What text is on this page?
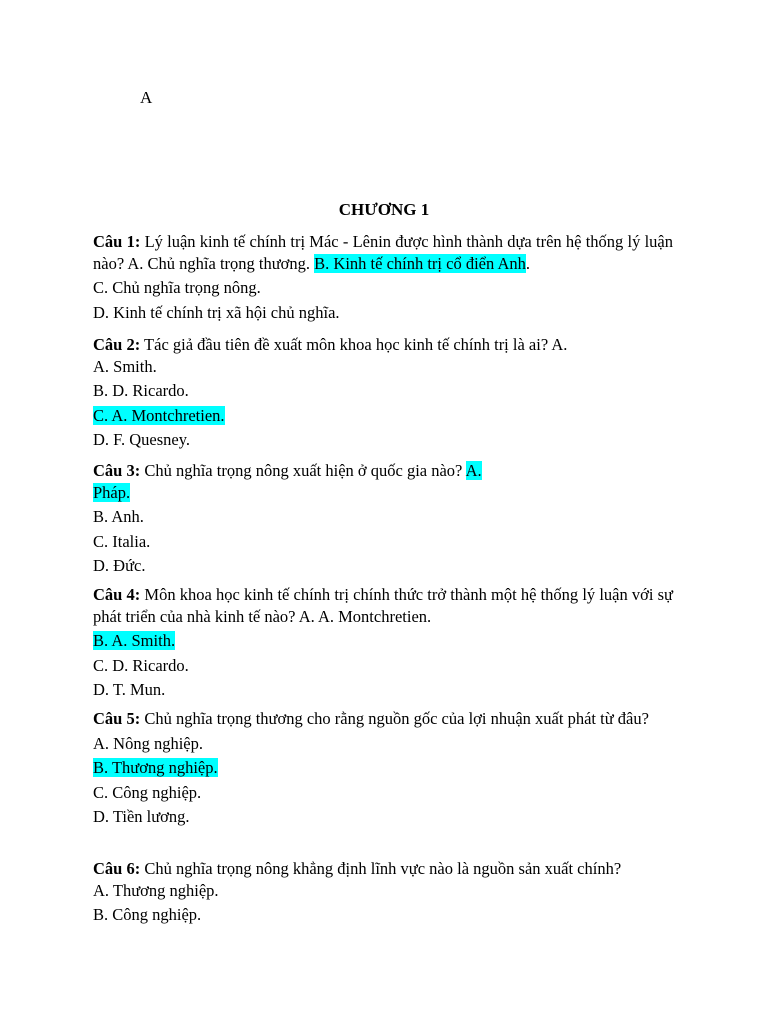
A
CHƯƠNG 1

Câu 1: Lý luận kinh tế chính trị Mác - Lênin được hình thành dựa trên hệ thống lý luận nào? A. Chủ nghĩa trọng thương. B. Kinh tế chính trị cổ điển Anh.

C. Chủ nghĩa trọng nông.

D. Kinh tế chính trị xã hội chủ nghĩa.

Câu 2: Tác giả đầu tiên đề xuất môn khoa học kinh tế chính trị là ai? A.

A. Smith.

B. D. Ricardo.

C. A. Montchretien.

D. F. Quesney.

Câu 3: Chủ nghĩa trọng nông xuất hiện ở quốc gia nào? A.
Pháp.

B. Anh.

C. Italia.

D. Đức.

Câu 4: Môn khoa học kinh tế chính trị chính thức trở thành một hệ thống lý luận với sự phát triển của nhà kinh tế nào? A. A. Montchretien.

B. A. Smith.

C. D. Ricardo.

D. T. Mun.

Câu 5: Chủ nghĩa trọng thương cho rằng nguồn gốc của lợi nhuận xuất phát từ đâu?

A. Nông nghiệp.

B. Thương nghiệp.

C. Công nghiệp.

D. Tiền lương.

Câu 6: Chủ nghĩa trọng nông khẳng định lĩnh vực nào là nguồn sản xuất chính?

A. Thương nghiệp.

B. Công nghiệp.
